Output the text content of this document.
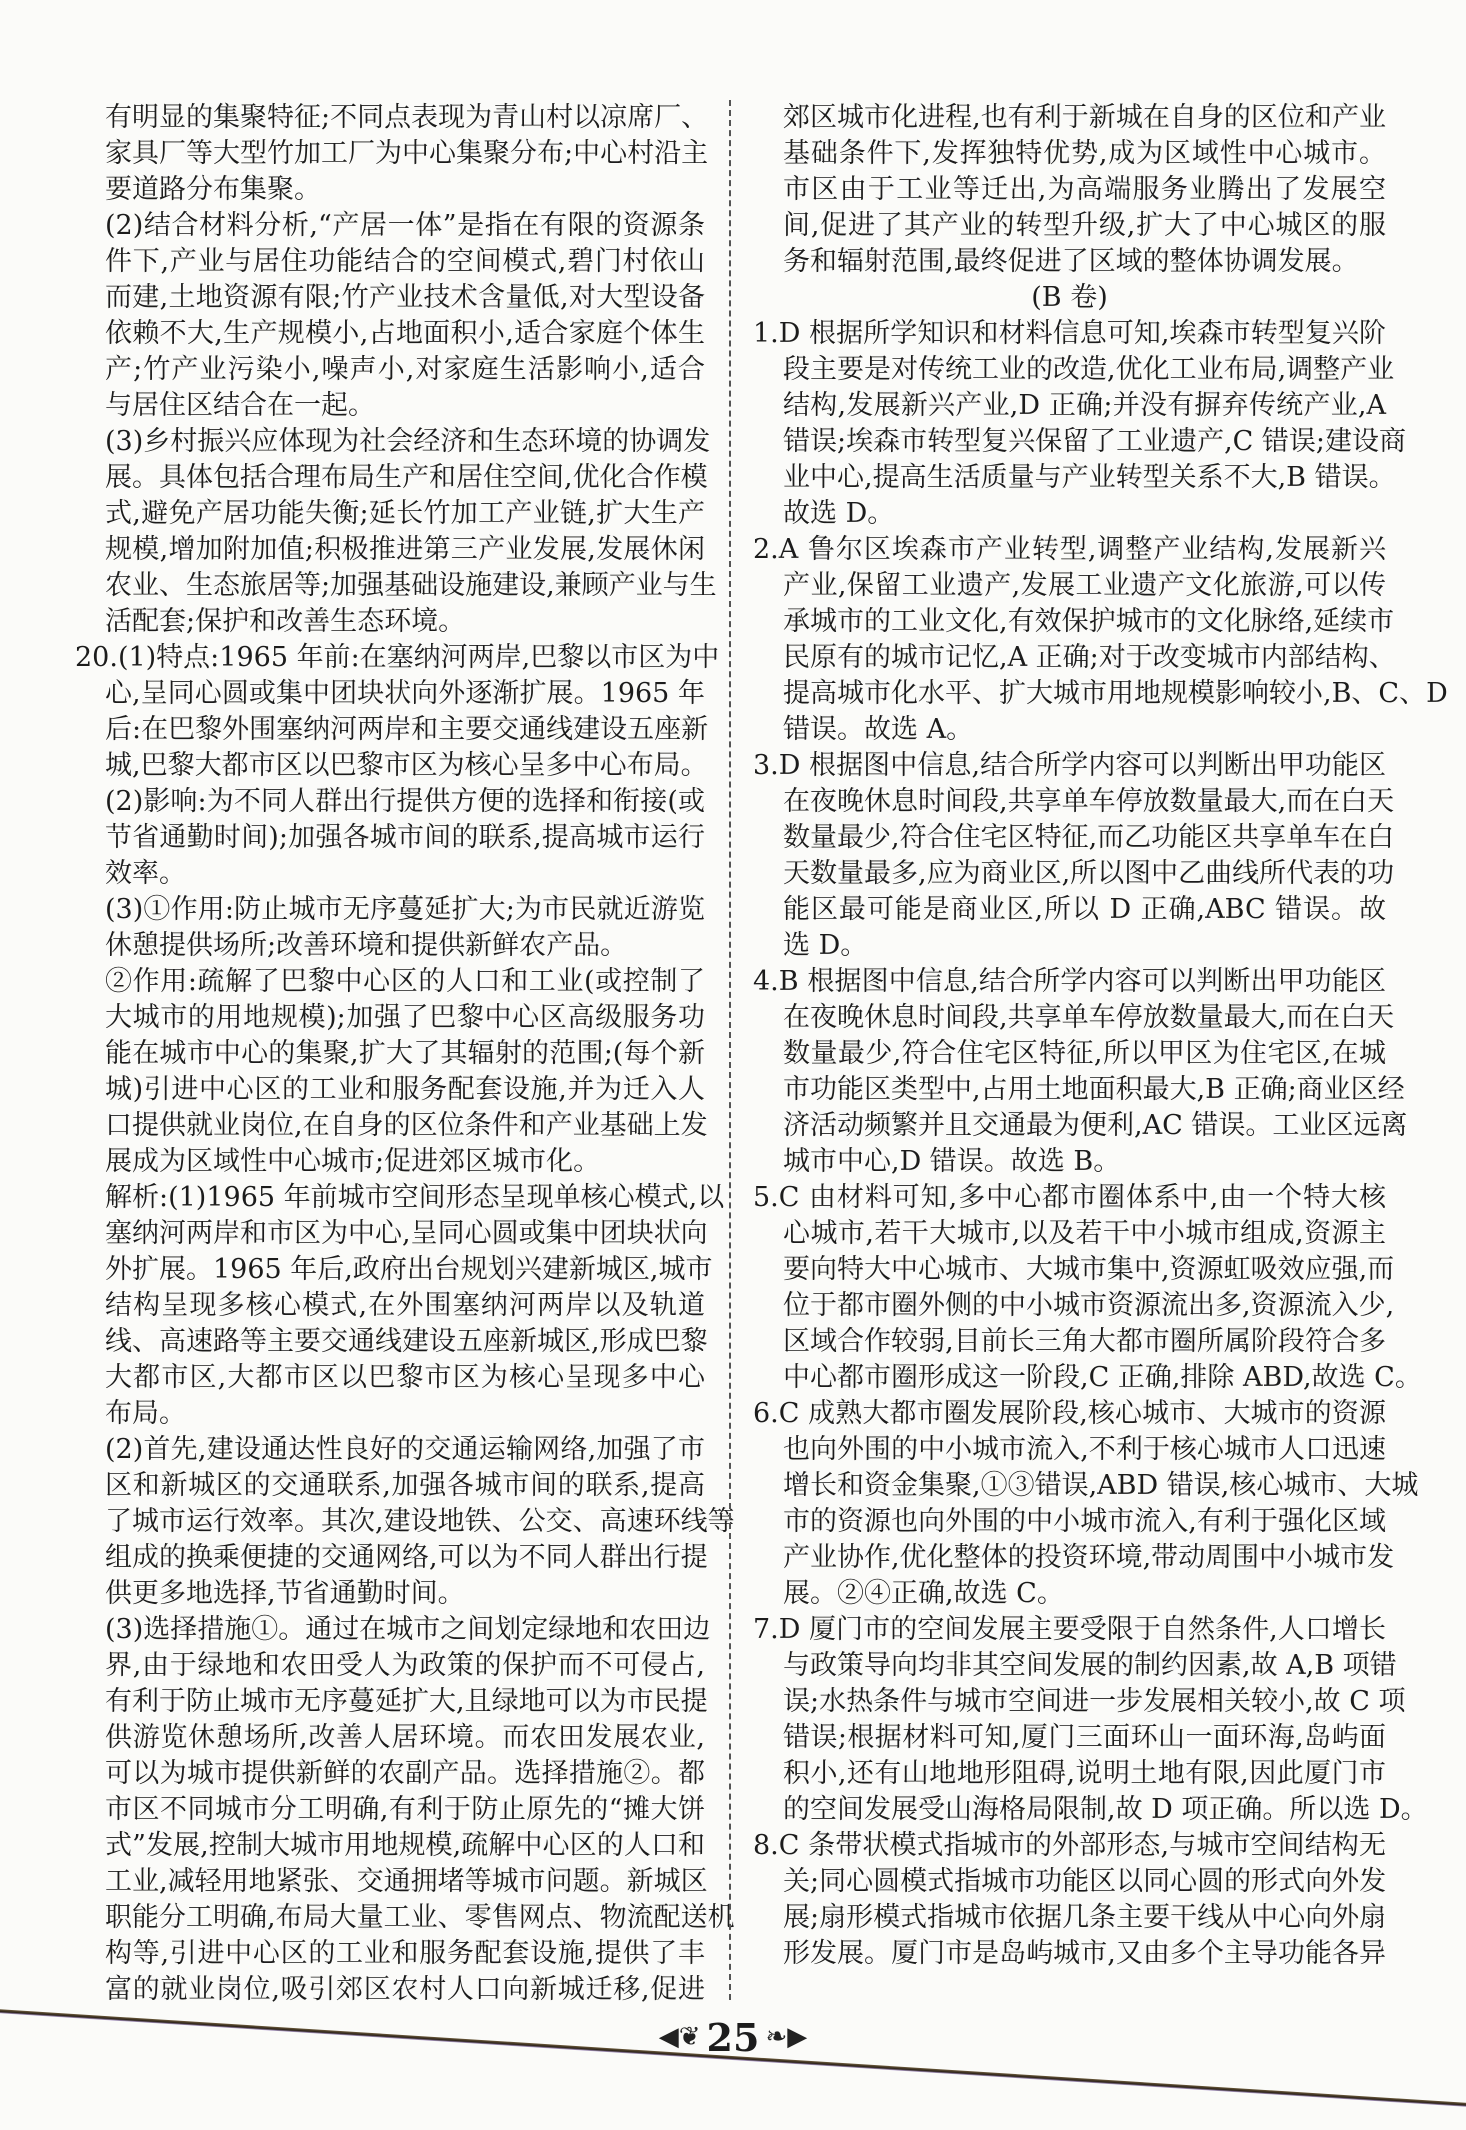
有明显的集聚特征;不同点表现为青山村以凉席厂、
家具厂等大型竹加工厂为中心集聚分布;中心村沿主
要道路分布集聚。
(2)结合材料分析,“产居一体”是指在有限的资源条
件下,产业与居住功能结合的空间模式,碧门村依山
而建,土地资源有限;竹产业技术含量低,对大型设备
依赖不大,生产规模小,占地面积小,适合家庭个体生
产;竹产业污染小,噪声小,对家庭生活影响小,适合
与居住区结合在一起。
(3)乡村振兴应体现为社会经济和生态环境的协调发
展。具体包括合理布局生产和居住空间,优化合作模
式,避免产居功能失衡;延长竹加工产业链,扩大生产
规模,增加附加值;积极推进第三产业发展,发展休闲
农业、生态旅居等;加强基础设施建设,兼顾产业与生
活配套;保护和改善生态环境。
20.(1)特点:1965 年前:在塞纳河两岸,巴黎以市区为中
心,呈同心圆或集中团块状向外逐渐扩展。1965 年
后:在巴黎外围塞纳河两岸和主要交通线建设五座新
城,巴黎大都市区以巴黎市区为核心呈多中心布局。
(2)影响:为不同人群出行提供方便的选择和衔接(或
节省通勤时间);加强各城市间的联系,提高城市运行
效率。
(3)①作用:防止城市无序蔓延扩大;为市民就近游览
休憩提供场所;改善环境和提供新鲜农产品。
②作用:疏解了巴黎中心区的人口和工业(或控制了
大城市的用地规模);加强了巴黎中心区高级服务功
能在城市中心的集聚,扩大了其辐射的范围;(每个新
城)引进中心区的工业和服务配套设施,并为迁入人
口提供就业岗位,在自身的区位条件和产业基础上发
展成为区域性中心城市;促进郊区城市化。
解析:(1)1965 年前城市空间形态呈现单核心模式,以
塞纳河两岸和市区为中心,呈同心圆或集中团块状向
外扩展。1965 年后,政府出台规划兴建新城区,城市
结构呈现多核心模式,在外围塞纳河两岸以及轨道
线、高速路等主要交通线建设五座新城区,形成巴黎
大都市区,大都市区以巴黎市区为核心呈现多中心
布局。
(2)首先,建设通达性良好的交通运输网络,加强了市
区和新城区的交通联系,加强各城市间的联系,提高
了城市运行效率。其次,建设地铁、公交、高速环线等
组成的换乘便捷的交通网络,可以为不同人群出行提
供更多地选择,节省通勤时间。
(3)选择措施①。通过在城市之间划定绿地和农田边
界,由于绿地和农田受人为政策的保护而不可侵占,
有利于防止城市无序蔓延扩大,且绿地可以为市民提
供游览休憩场所,改善人居环境。而农田发展农业,
可以为城市提供新鲜的农副产品。选择措施②。都
市区不同城市分工明确,有利于防止原先的“摊大饼
式”发展,控制大城市用地规模,疏解中心区的人口和
工业,减轻用地紧张、交通拥堵等城市问题。新城区
职能分工明确,布局大量工业、零售网点、物流配送机
构等,引进中心区的工业和服务配套设施,提供了丰
富的就业岗位,吸引郊区农村人口向新城迁移,促进
郊区城市化进程,也有利于新城在自身的区位和产业
基础条件下,发挥独特优势,成为区域性中心城市。
市区由于工业等迁出,为高端服务业腾出了发展空
间,促进了其产业的转型升级,扩大了中心城区的服
务和辐射范围,最终促进了区域的整体协调发展。
(B 卷)
1.D 根据所学知识和材料信息可知,埃森市转型复兴阶
段主要是对传统工业的改造,优化工业布局,调整产业
结构,发展新兴产业,D 正确;并没有摒弃传统产业,A
错误;埃森市转型复兴保留了工业遗产,C 错误;建设商
业中心,提高生活质量与产业转型关系不大,B 错误。
故选 D。
2.A 鲁尔区埃森市产业转型,调整产业结构,发展新兴
产业,保留工业遗产,发展工业遗产文化旅游,可以传
承城市的工业文化,有效保护城市的文化脉络,延续市
民原有的城市记忆,A 正确;对于改变城市内部结构、
提高城市化水平、扩大城市用地规模影响较小,B、C、D
错误。故选 A。
3.D 根据图中信息,结合所学内容可以判断出甲功能区
在夜晚休息时间段,共享单车停放数量最大,而在白天
数量最少,符合住宅区特征,而乙功能区共享单车在白
天数量最多,应为商业区,所以图中乙曲线所代表的功
能区最可能是商业区,所以 D 正确,ABC 错误。故
选 D。
4.B 根据图中信息,结合所学内容可以判断出甲功能区
在夜晚休息时间段,共享单车停放数量最大,而在白天
数量最少,符合住宅区特征,所以甲区为住宅区,在城
市功能区类型中,占用土地面积最大,B 正确;商业区经
济活动频繁并且交通最为便利,AC 错误。工业区远离
城市中心,D 错误。故选 B。
5.C 由材料可知,多中心都市圈体系中,由一个特大核
心城市,若干大城市,以及若干中小城市组成,资源主
要向特大中心城市、大城市集中,资源虹吸效应强,而
位于都市圈外侧的中小城市资源流出多,资源流入少,
区域合作较弱,目前长三角大都市圈所属阶段符合多
中心都市圈形成这一阶段,C 正确,排除 ABD,故选 C。
6.C 成熟大都市圈发展阶段,核心城市、大城市的资源
也向外围的中小城市流入,不利于核心城市人口迅速
增长和资金集聚,①③错误,ABD 错误,核心城市、大城
市的资源也向外围的中小城市流入,有利于强化区域
产业协作,优化整体的投资环境,带动周围中小城市发
展。②④正确,故选 C。
7.D 厦门市的空间发展主要受限于自然条件,人口增长
与政策导向均非其空间发展的制约因素,故 A,B 项错
误;水热条件与城市空间进一步发展相关较小,故 C 项
错误;根据材料可知,厦门三面环山一面环海,岛屿面
积小,还有山地地形阻碍,说明土地有限,因此厦门市
的空间发展受山海格局限制,故 D 项正确。所以选 D。
8.C 条带状模式指城市的外部形态,与城市空间结构无
关;同心圆模式指城市功能区以同心圆的形式向外发
展;扇形模式指城市依据几条主要干线从中心向外扇
形发展。厦门市是岛屿城市,又由多个主导功能各异
◀❦ 25 ❧▶
